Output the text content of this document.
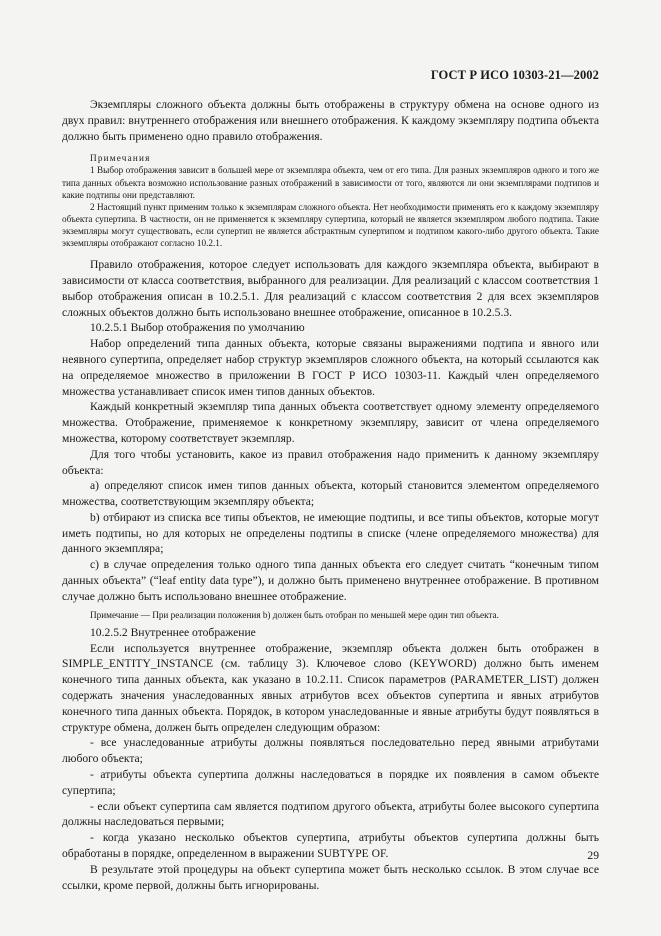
ГОСТ Р ИСО 10303-21—2002

Экземпляры сложного объекта должны быть отображены в структуру обмена на основе одного из двух правил: внутреннего отображения или внешнего отображения. К каждому экземпляру подтипа объекта должно быть применено одно правило отображения.

Примечания

1 Выбор отображения зависит в большей мере от экземпляра объекта, чем от его типа. Для разных экземпляров одного и того же типа данных объекта возможно использование разных отображений в зависимости от того, являются ли они экземплярами подтипов и какие подтипы они представляют.

2 Настоящий пункт применим только к экземплярам сложного объекта. Нет необходимости применять его к каждому экземпляру объекта супертипа. В частности, он не применяется к экземпляру супертипа, который не является экземпляром любого подтипа. Такие экземпляры могут существовать, если супертип не является абстрактным супертипом и подтипом какого-либо другого объекта. Такие экземпляры отображают согласно 10.2.1.

Правило отображения, которое следует использовать для каждого экземпляра объекта, выбирают в зависимости от класса соответствия, выбранного для реализации. Для реализаций с классом соответствия 1 выбор отображения описан в 10.2.5.1. Для реализаций с классом соответствия 2 для всех экземпляров сложных объектов должно быть использовано внешнее отображение, описанное в 10.2.5.3.

10.2.5.1 Выбор отображения по умолчанию

Набор определений типа данных объекта, которые связаны выражениями подтипа и явного или неявного супертипа, определяет набор структур экземпляров сложного объекта, на который ссылаются как на определяемое множество в приложении В ГОСТ Р ИСО 10303-11. Каждый член определяемого множества устанавливает список имен типов данных объектов.

Каждый конкретный экземпляр типа данных объекта соответствует одному элементу определяемого множества. Отображение, применяемое к конкретному экземпляру, зависит от члена определяемого множества, которому соответствует экземпляр.

Для того чтобы установить, какое из правил отображения надо применить к данному экземпляру объекта:

а) определяют список имен типов данных объекта, который становится элементом определяемого множества, соответствующим экземпляру объекта;

b) отбирают из списка все типы объектов, не имеющие подтипы, и все типы объектов, которые могут иметь подтипы, но для которых не определены подтипы в списке (члене определяемого множества) для данного экземпляра;

с) в случае определения только одного типа данных объекта его следует считать “конечным типом данных объекта” (“leaf entity data type”), и должно быть применено внутреннее отображение. В противном случае должно быть использовано внешнее отображение.

Примечание — При реализации положения b) должен быть отобран по меньшей мере один тип объекта.

10.2.5.2 Внутреннее отображение

Если используется внутреннее отображение, экземпляр объекта должен быть отображен в SIMPLE_ENTITY_INSTANCE (см. таблицу 3). Ключевое слово (KEYWORD) должно быть именем конечного типа данных объекта, как указано в 10.2.11. Список параметров (PARAMETER_LIST) должен содержать значения унаследованных явных атрибутов всех объектов супертипа и явных атрибутов конечного типа данных объекта. Порядок, в котором унаследованные и явные атрибуты будут появляться в структуре обмена, должен быть определен следующим образом:

- все унаследованные атрибуты должны появляться последовательно перед явными атрибутами любого объекта;

- атрибуты объекта супертипа должны наследоваться в порядке их появления в самом объекте супертипа;

- если объект супертипа сам является подтипом другого объекта, атрибуты более высокого супертипа должны наследоваться первыми;

- когда указано несколько объектов супертипа, атрибуты объектов супертипа должны быть обработаны в порядке, определенном в выражении SUBTYPE OF.

В результате этой процедуры на объект супертипа может быть несколько ссылок. В этом случае все ссылки, кроме первой, должны быть игнорированы.

29
